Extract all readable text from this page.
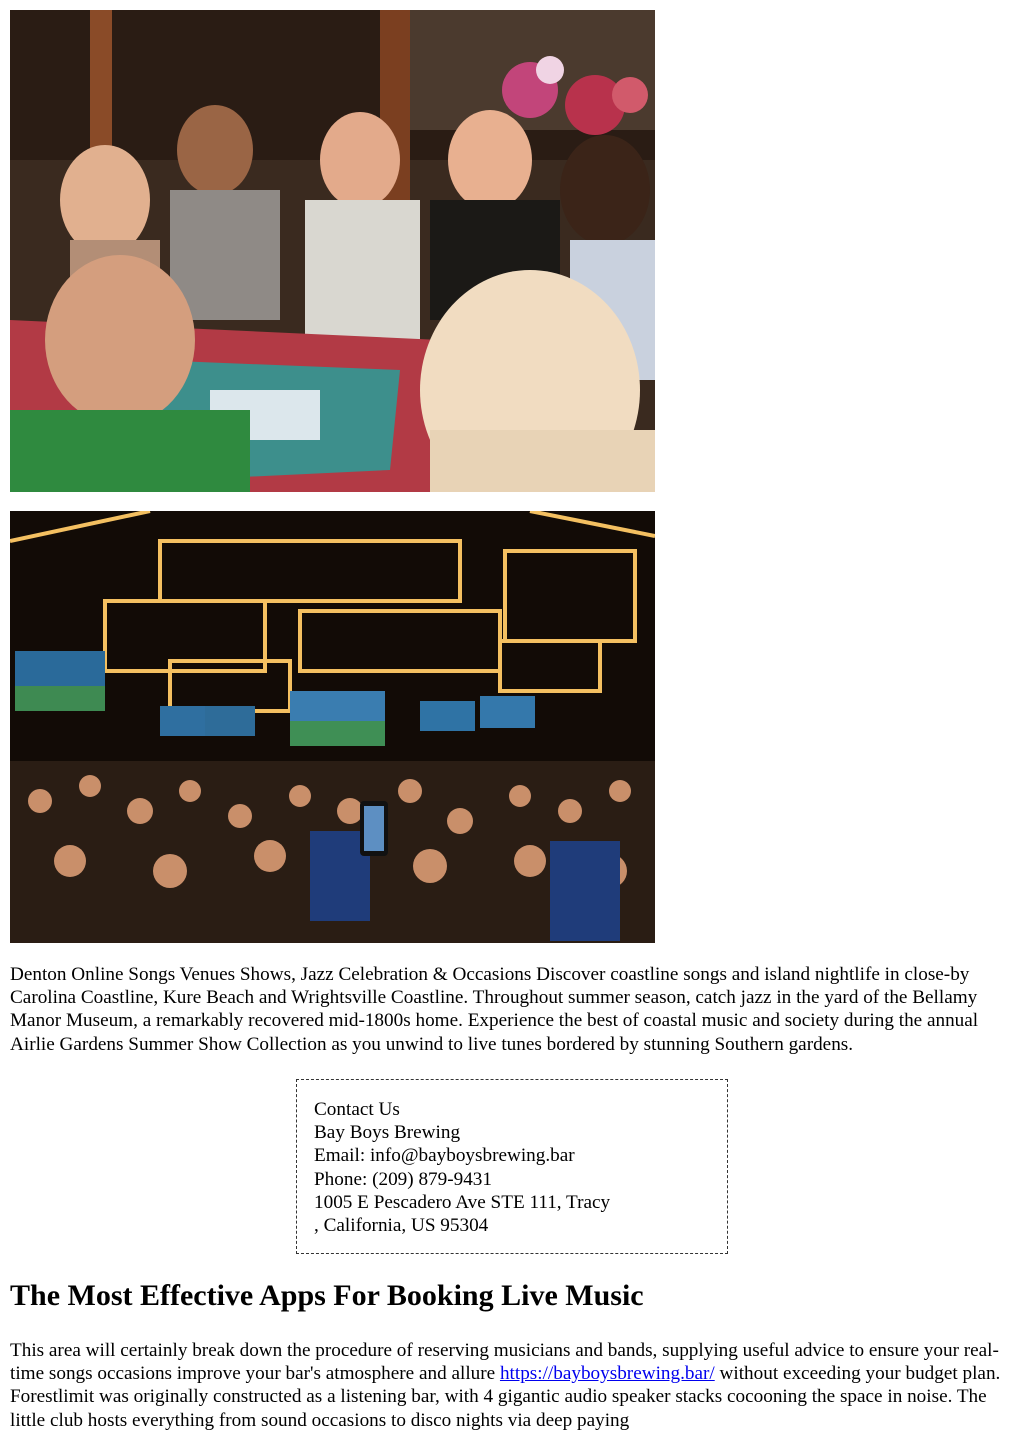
Denton Online Songs Venues Shows, Jazz Celebration & Occasions Discover coastline songs and island nightlife in close-by Carolina Coastline, Kure Beach and Wrightsville Coastline. Throughout summer season, catch jazz in the yard of the Bellamy Manor Museum, a remarkably recovered mid-1800s home. Experience the best of coastal music and society during the annual Airlie Gardens Summer Show Collection as you unwind to live tunes bordered by stunning Southern gardens.

Contact Us
Bay Boys Brewing
Email: info@bayboysbrewing.bar
Phone: (209) 879-9431
1005 E Pescadero Ave STE 111, Tracy
, California, US 95304
The Most Effective Apps For Booking Live Music

This area will certainly break down the procedure of reserving musicians and bands, supplying useful advice to ensure your real-time songs occasions improve your bar's atmosphere and allure https://bayboysbrewing.bar/ without exceeding your budget plan. Forestlimit was originally constructed as a listening bar, with 4 gigantic audio speaker stacks cocooning the space in noise. The little club hosts everything from sound occasions to disco nights via deep paying
